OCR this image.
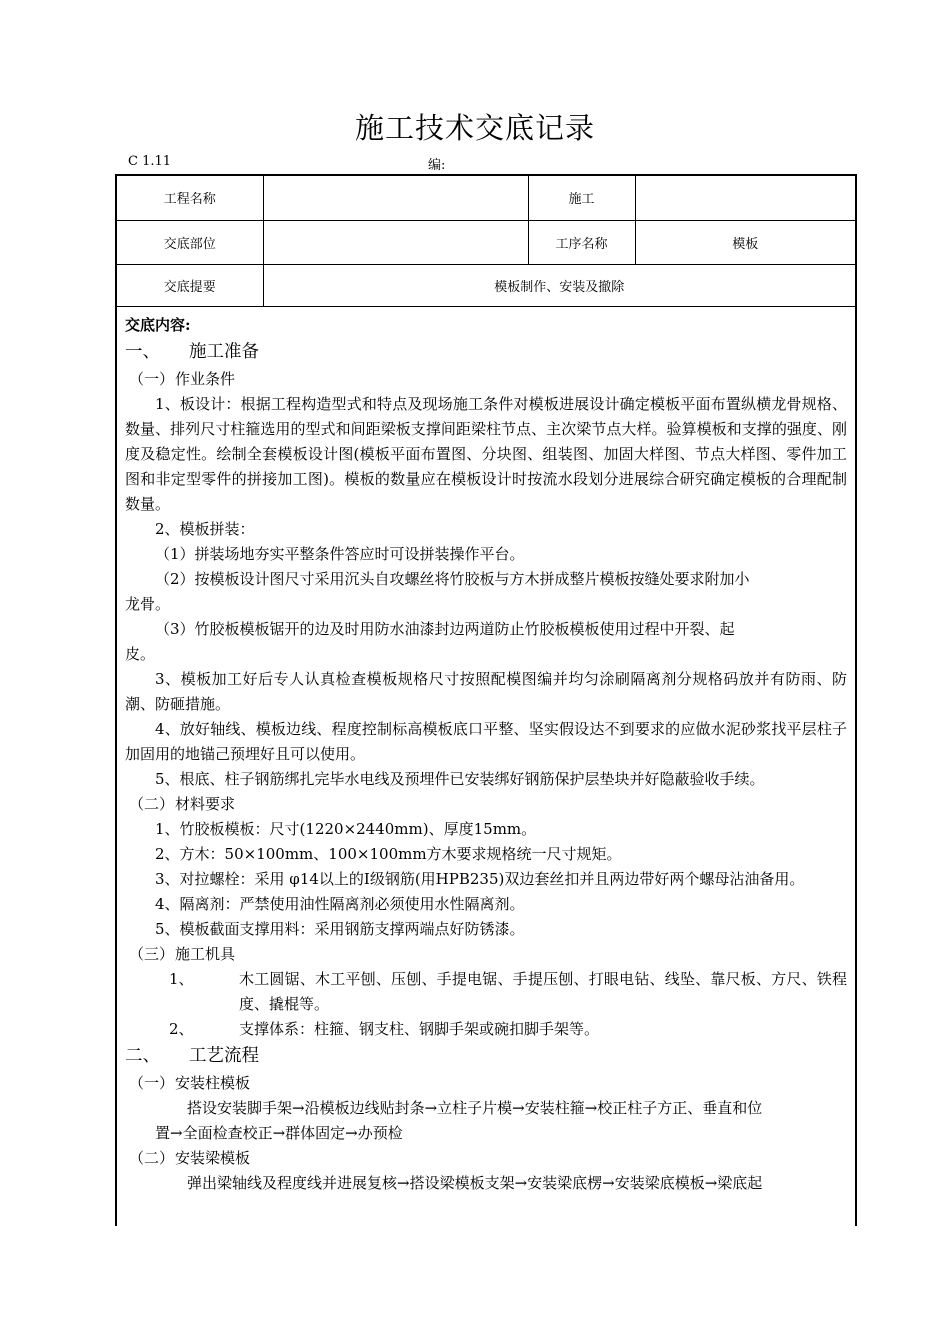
施工技术交底记录
C 1.11	编:
工程名称		施工	
交底部位		工序名称	模板
交底提要	模板制作、安装及撤除		

交底内容:

一、 施工准备

（一）作业条件

1、板设计：根据工程构造型式和特点及现场施工条件对模板进展设计确定模板平面布置纵横龙骨规格、数量、排列尺寸柱箍选用的型式和间距梁板支撑间距梁柱节点、主次梁节点大样。验算模板和支撑的强度、刚度及稳定性。绘制全套模板设计图(模板平面布置图、分块图、组装图、加固大样图、节点大样图、零件加工图和非定型零件的拼接加工图)。模板的数量应在模板设计时按流水段划分进展综合研究确定模板的合理配制数量。

2、模板拼装：

（1）拼装场地夯实平整条件答应时可设拼装操作平台。

（2）按模板设计图尺寸采用沉头自攻螺丝将竹胶板与方木拼成整片模板按缝处要求附加小

龙骨。

（3）竹胶板模板锯开的边及时用防水油漆封边两道防止竹胶板模板使用过程中开裂、起

皮。

3、模板加工好后专人认真检查模板规格尺寸按照配模图编并均匀涂刷隔离剂分规格码放并有防雨、防潮、防砸措施。

4、放好轴线、模板边线、程度控制标高模板底口平整、坚实假设达不到要求的应做水泥砂浆找平层柱子加固用的地锚己预埋好且可以使用。

5、根底、柱子钢筋绑扎完毕水电线及预埋件已安装绑好钢筋保护层垫块并好隐蔽验收手续。

（二）材料要求

1、竹胶板模板：尺寸(1220×2440mm)、厚度15mm。

2、方木：50×100mm、100×100mm方木要求规格统一尺寸规矩。

3、对拉螺栓：采用 φ14以上的Ⅰ级钢筋(用HPB235)双边套丝扣并且两边带好两个螺母沾油备用。

4、隔离剂：严禁使用油性隔离剂必须使用水性隔离剂。

5、模板截面支撑用料：采用钢筋支撑两端点好防锈漆。

（三）施工机具

1、	木工圆锯、木工平刨、压刨、手提电锯、手提压刨、打眼电钻、线坠、靠尺板、方尺、铁程度、撬棍等。
2、	支撑体系：柱箍、钢支柱、钢脚手架或碗扣脚手架等。

二、 工艺流程

（一）安装柱模板

搭设安装脚手架→沿模板边线贴封条→立柱子片模→安装柱箍→校正柱子方正、垂直和位
置→全面检查校正→群体固定→办预检

（二）安装梁模板

弹出梁轴线及程度线并进展复核→搭设梁模板支架→安装梁底楞→安装梁底模板→梁底起
